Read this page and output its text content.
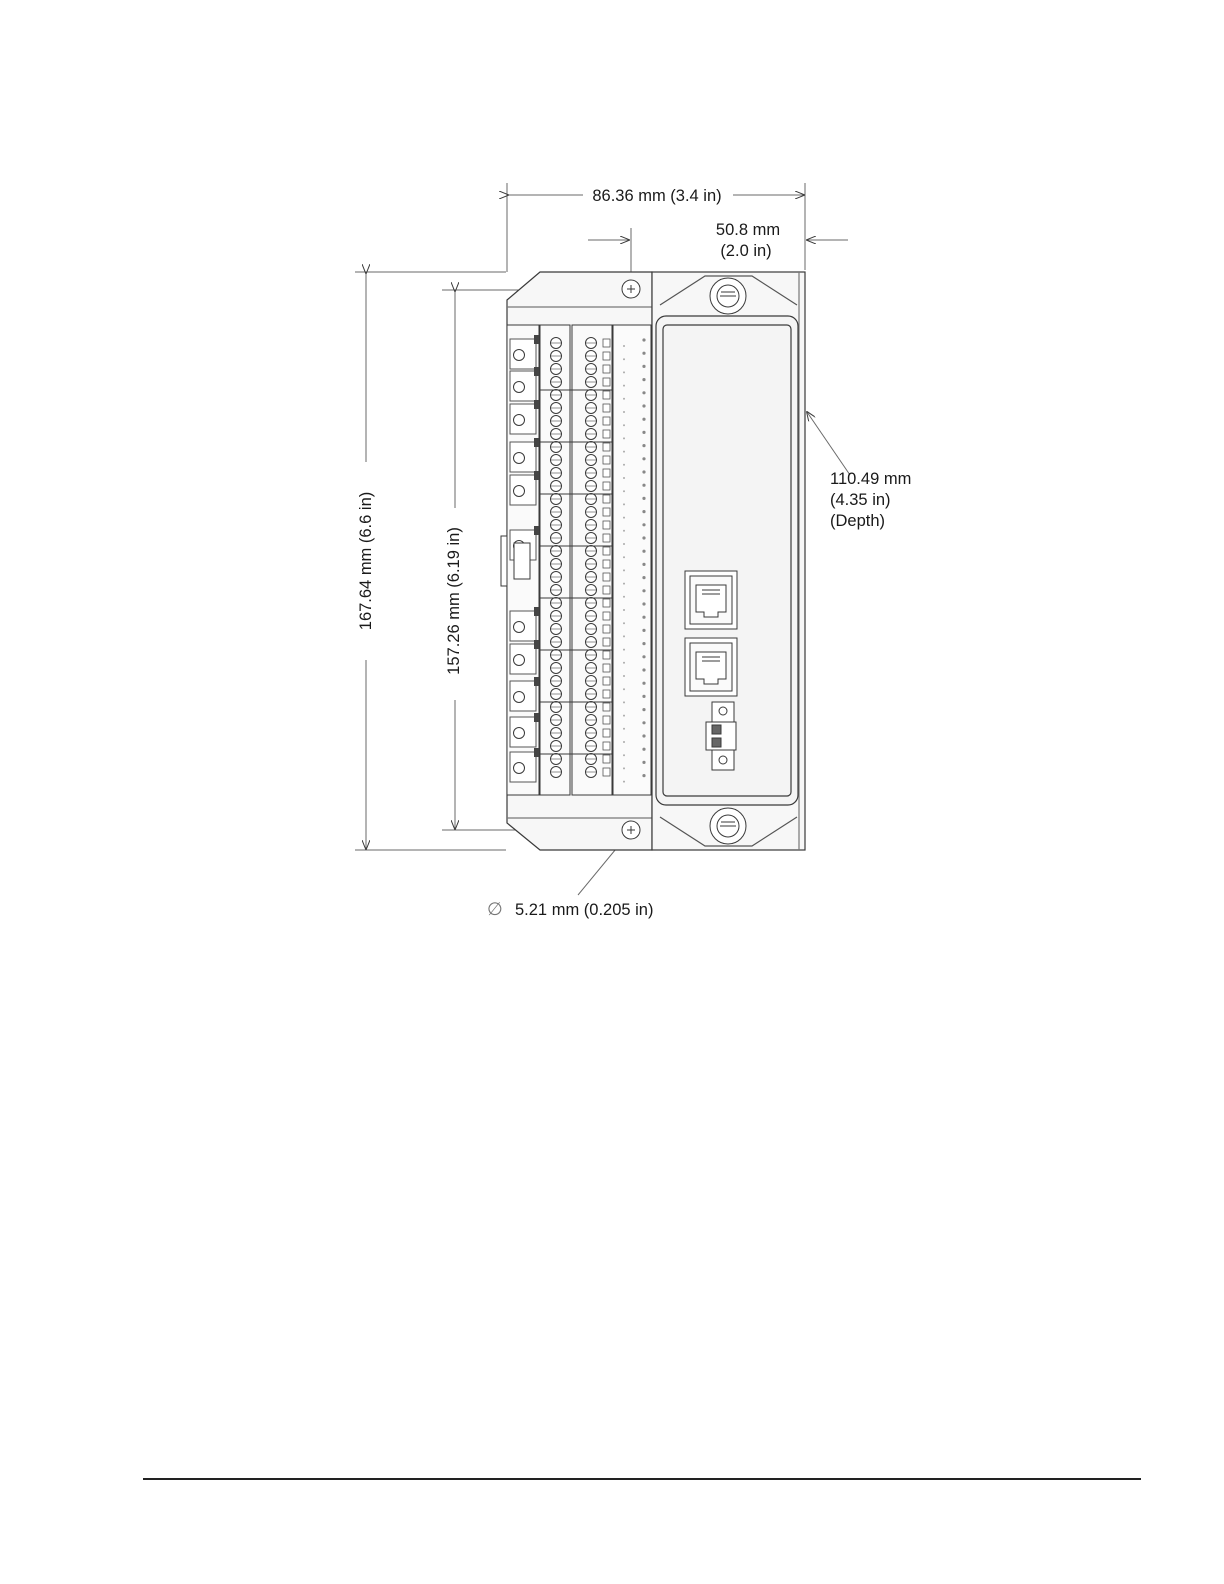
86.36 mm (3.4 in)
50.8 mm
(2.0 in)
167.64 mm (6.6 in)	157.26 mm (6.19 in)
110.49 mm
(4.35 in)
(Depth)
∅ 5.21 mm (0.205 in)
